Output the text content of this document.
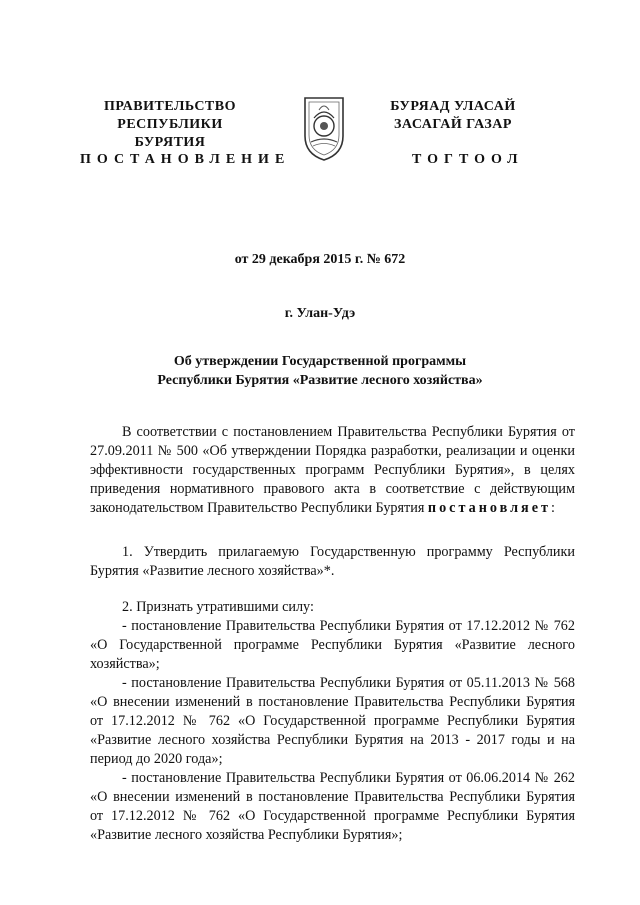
ПРАВИТЕЛЬСТВО
РЕСПУБЛИКИ БУРЯТИЯ
БУРЯАД УЛАСАЙ
ЗАСАГАЙ ГАЗАР
ПОСТАНОВЛЕНИЕ	ТОГТООЛ
от 29 декабря 2015 г. № 672
г. Улан-Удэ
Об утверждении Государственной программы
Республики Бурятия «Развитие лесного хозяйства»

В соответствии с постановлением Правительства Республики Бурятия от 27.09.2011 № 500 «Об утверждении Порядка разработки, реализации и оценки эффективности государственных программ Республики Бурятия», в целях приведения нормативного правового акта в соответствие с действующим законодательством Правительство Республики Бурятия постановляет:

1. Утвердить прилагаемую Государственную программу Республики Бурятия «Развитие лесного хозяйства»*.

2. Признать утратившими силу:

- постановление Правительства Республики Бурятия от 17.12.2012 № 762 «О Государственной программе Республики Бурятия «Развитие лесного хозяйства»;

- постановление Правительства Республики Бурятия от 05.11.2013 № 568 «О внесении изменений в постановление Правительства Республики Бурятия от 17.12.2012 № 762 «О Государственной программе Республики Бурятия «Развитие лесного хозяйства Республики Бурятия на 2013 - 2017 годы и на период до 2020 года»;

- постановление Правительства Республики Бурятия от 06.06.2014 № 262 «О внесении изменений в постановление Правительства Республики Бурятия от 17.12.2012 № 762 «О Государственной программе Республики Бурятия «Развитие лесного хозяйства Республики Бурятия»;
